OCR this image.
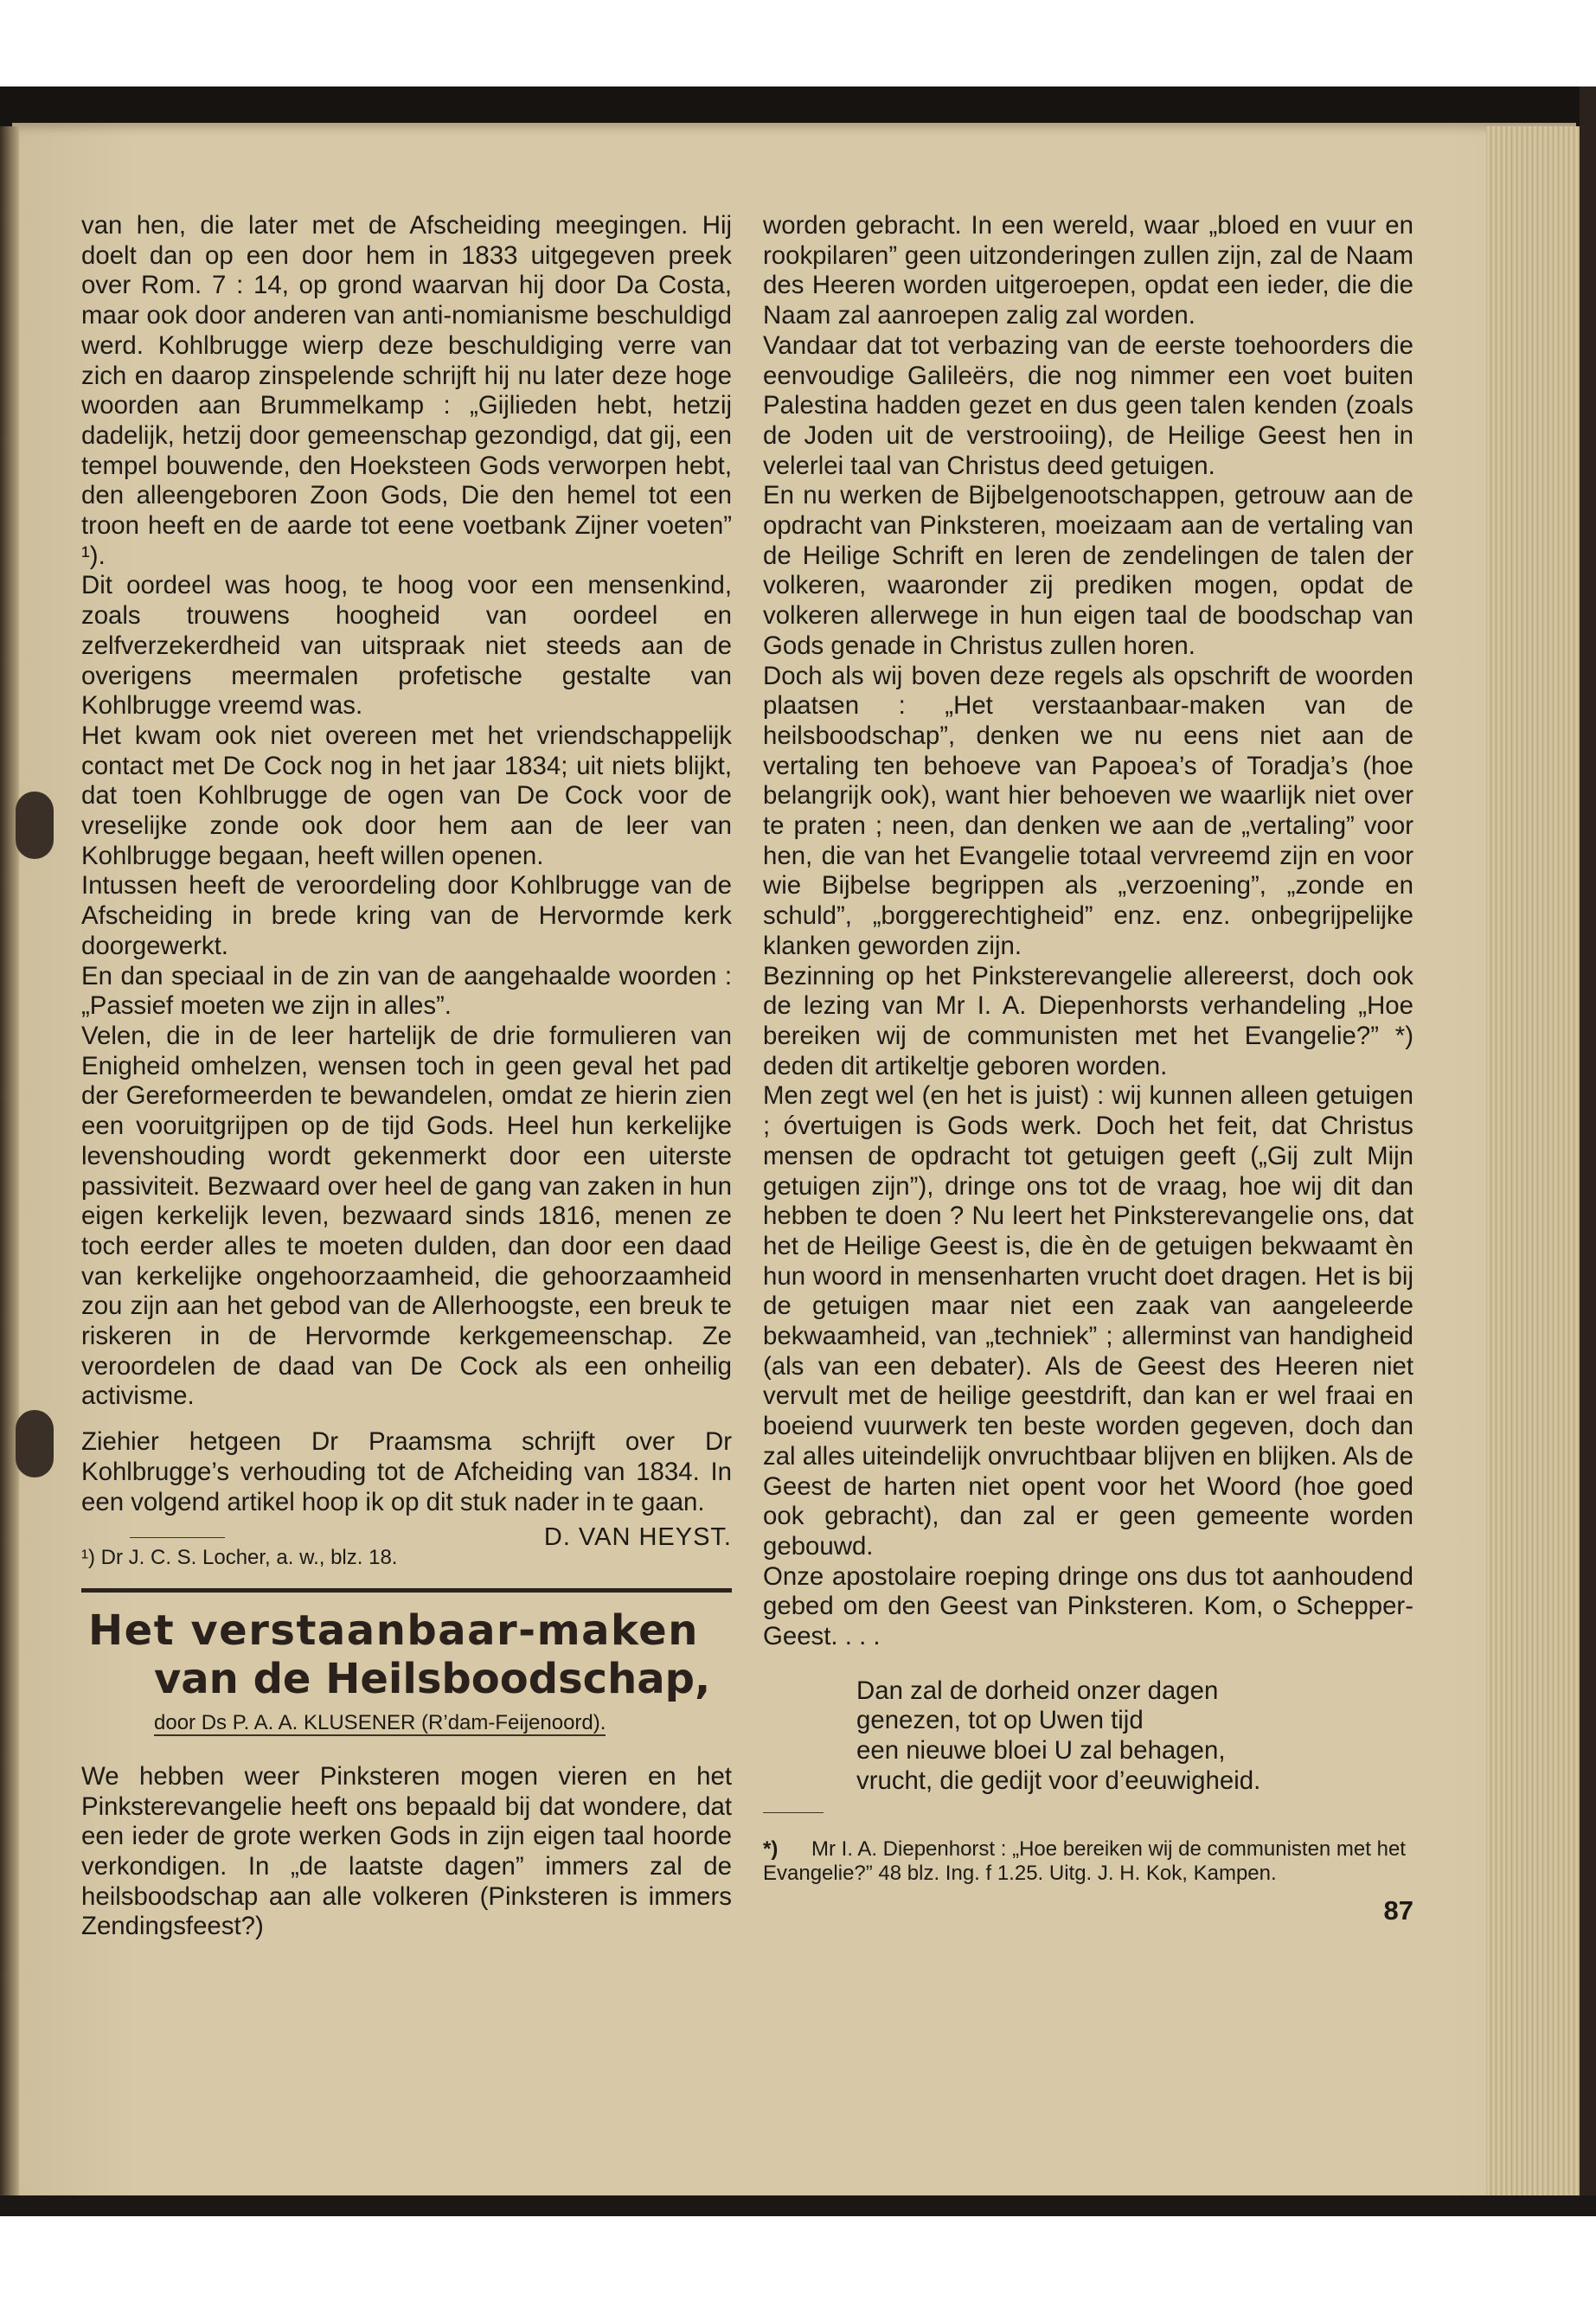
van hen, die later met de Afscheiding meegingen. Hij doelt dan op een door hem in 1833 uitgegeven preek over Rom. 7 : 14, op grond waarvan hij door Da Costa, maar ook door anderen van anti-nomianisme beschuldigd werd. Kohlbrugge wierp deze beschuldiging verre van zich en daarop zinspelende schrijft hij nu later deze hoge woorden aan Brummelkamp : „Gijlieden hebt, hetzij dadelijk, hetzij door gemeenschap gezondigd, dat gij, een tempel bouwende, den Hoeksteen Gods verworpen hebt, den alleengeboren Zoon Gods, Die den hemel tot een troon heeft en de aarde tot eene voetbank Zijner voeten” ¹).

Dit oordeel was hoog, te hoog voor een mensenkind, zoals trouwens hoogheid van oordeel en zelfverzekerdheid van uitspraak niet steeds aan de overigens meermalen profetische gestalte van Kohlbrugge vreemd was.

Het kwam ook niet overeen met het vriendschappelijk contact met De Cock nog in het jaar 1834; uit niets blijkt, dat toen Kohlbrugge de ogen van De Cock voor de vreselijke zonde ook door hem aan de leer van Kohlbrugge begaan, heeft willen openen.

Intussen heeft de veroordeling door Kohlbrugge van de Afscheiding in brede kring van de Hervormde kerk doorgewerkt.

En dan speciaal in de zin van de aangehaalde woorden : „Passief moeten we zijn in alles”.

Velen, die in de leer hartelijk de drie formulieren van Enigheid omhelzen, wensen toch in geen geval het pad der Gereformeerden te bewandelen, omdat ze hierin zien een vooruitgrijpen op de tijd Gods. Heel hun kerkelijke levenshouding wordt gekenmerkt door een uiterste passiviteit. Bezwaard over heel de gang van zaken in hun eigen kerkelijk leven, bezwaard sinds 1816, menen ze toch eerder alles te moeten dulden, dan door een daad van kerkelijke ongehoorzaamheid, die gehoorzaamheid zou zijn aan het gebod van de Allerhoogste, een breuk te riskeren in de Hervormde kerkgemeenschap. Ze veroordelen de daad van De Cock als een onheilig activisme.

Ziehier hetgeen Dr Praamsma schrijft over Dr Kohlbrugge’s verhouding tot de Afcheiding van 1834. In een volgend artikel hoop ik op dit stuk nader in te gaan.

D. VAN HEYST.
¹) Dr J. C. S. Locher, a. w., blz. 18.
Het verstaanbaar-maken
van de Heilsboodschap,
door Ds P. A. A. KLUSENER (R’dam-Feijenoord).

We hebben weer Pinksteren mogen vieren en het Pinksterevangelie heeft ons bepaald bij dat wondere, dat een ieder de grote werken Gods in zijn eigen taal hoorde verkondigen. In „de laatste dagen” immers zal de heilsboodschap aan alle volkeren (Pinksteren is immers Zendingsfeest?)

worden gebracht. In een wereld, waar „bloed en vuur en rookpilaren” geen uitzonderingen zullen zijn, zal de Naam des Heeren worden uitgeroepen, opdat een ieder, die die Naam zal aanroepen zalig zal worden.

Vandaar dat tot verbazing van de eerste toehoorders die eenvoudige Galileërs, die nog nimmer een voet buiten Palestina hadden gezet en dus geen talen kenden (zoals de Joden uit de verstrooiing), de Heilige Geest hen in velerlei taal van Christus deed getuigen.

En nu werken de Bijbelgenootschappen, getrouw aan de opdracht van Pinksteren, moeizaam aan de vertaling van de Heilige Schrift en leren de zendelingen de talen der volkeren, waaronder zij prediken mogen, opdat de volkeren allerwege in hun eigen taal de boodschap van Gods genade in Christus zullen horen.

Doch als wij boven deze regels als opschrift de woorden plaatsen : „Het verstaanbaar-maken van de heilsboodschap”, denken we nu eens niet aan de vertaling ten behoeve van Papoea’s of Toradja’s (hoe belangrijk ook), want hier behoeven we waarlijk niet over te praten ; neen, dan denken we aan de „vertaling” voor hen, die van het Evangelie totaal vervreemd zijn en voor wie Bijbelse begrippen als „verzoening”, „zonde en schuld”, „borggerechtigheid” enz. enz. onbegrijpelijke klanken geworden zijn.

Bezinning op het Pinksterevangelie allereerst, doch ook de lezing van Mr I. A. Diepenhorsts verhandeling „Hoe bereiken wij de communisten met het Evangelie?” *) deden dit artikeltje geboren worden.

Men zegt wel (en het is juist) : wij kunnen alleen getuigen ; óvertuigen is Gods werk. Doch het feit, dat Christus mensen de opdracht tot getuigen geeft („Gij zult Mijn getuigen zijn”), dringe ons tot de vraag, hoe wij dit dan hebben te doen ? Nu leert het Pinksterevangelie ons, dat het de Heilige Geest is, die èn de getuigen bekwaamt èn hun woord in mensenharten vrucht doet dragen. Het is bij de getuigen maar niet een zaak van aangeleerde bekwaamheid, van „techniek” ; allerminst van handigheid (als van een debater). Als de Geest des Heeren niet vervult met de heilige geestdrift, dan kan er wel fraai en boeiend vuurwerk ten beste worden gegeven, doch dan zal alles uiteindelijk onvruchtbaar blijven en blijken. Als de Geest de harten niet opent voor het Woord (hoe goed ook gebracht), dan zal er geen gemeente worden gebouwd.

Onze apostolaire roeping dringe ons dus tot aanhoudend gebed om den Geest van Pinksteren. Kom, o Schepper-Geest. . . .

Dan zal de dorheid onzer dagen
genezen, tot op Uwen tijd
een nieuwe bloei U zal behagen,
vrucht, die gedijt voor d’eeuwigheid.
*) Mr I. A. Diepenhorst : „Hoe bereiken wij de communisten met het Evangelie?” 48 blz. Ing. f 1.25. Uitg. J. H. Kok, Kampen.
87
